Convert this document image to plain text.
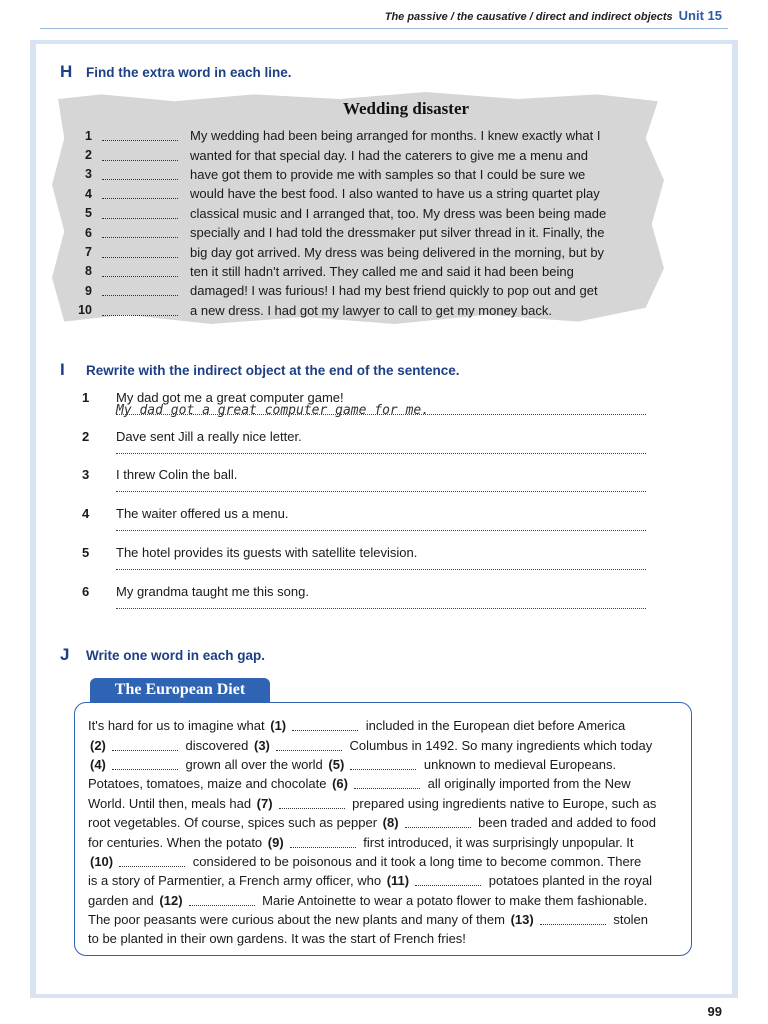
The passive / the causative / direct and indirect objects Unit 15
H Find the extra word in each line.
Wedding disaster
1	My wedding had been being arranged for months. I knew exactly what I
2	wanted for that special day. I had the caterers to give me a menu and
3	have got them to provide me with samples so that I could be sure we
4	would have the best food. I also wanted to have us a string quartet play
5	classical music and I arranged that, too. My dress was been being made
6	specially and I had told the dressmaker put silver thread in it. Finally, the
7	big day got arrived. My dress was being delivered in the morning, but by
8	ten it still hadn't arrived. They called me and said it had been being
9	damaged! I was furious! I had my best friend quickly to pop out and get
10	a new dress. I had got my lawyer to call to get my money back.
I	Rewrite with the indirect object at the end of the sentence.
1 My dad got me a great computer game!
My dad got a great computer game for me.
2 Dave sent Jill a really nice letter.
3 I threw Colin the ball.
4 The waiter offered us a menu.
5 The hotel provides its guests with satellite television.
6 My grandma taught me this song.
J	Write one word in each gap.
The European Diet
It's hard for us to imagine what (1)	included in the European diet before America
(2)	discovered (3)	Columbus in 1492. So many ingredients which today
(4)	grown all over the world (5)	unknown to medieval Europeans.
Potatoes, tomatoes, maize and chocolate (6)	all originally imported from the New
World. Until then, meals had (7)	prepared using ingredients native to Europe, such as
root vegetables. Of course, spices such as pepper (8)	been traded and added to food
for centuries. When the potato (9)	first introduced, it was surprisingly unpopular. It
(10)	considered to be poisonous and it took a long time to become common. There
is a story of Parmentier, a French army officer, who (11)	potatoes planted in the royal
garden and (12)	Marie Antoinette to wear a potato flower to make them fashionable.
The poor peasants were curious about the new plants and many of them (13)	stolen
to be planted in their own gardens. It was the start of French fries!
99
